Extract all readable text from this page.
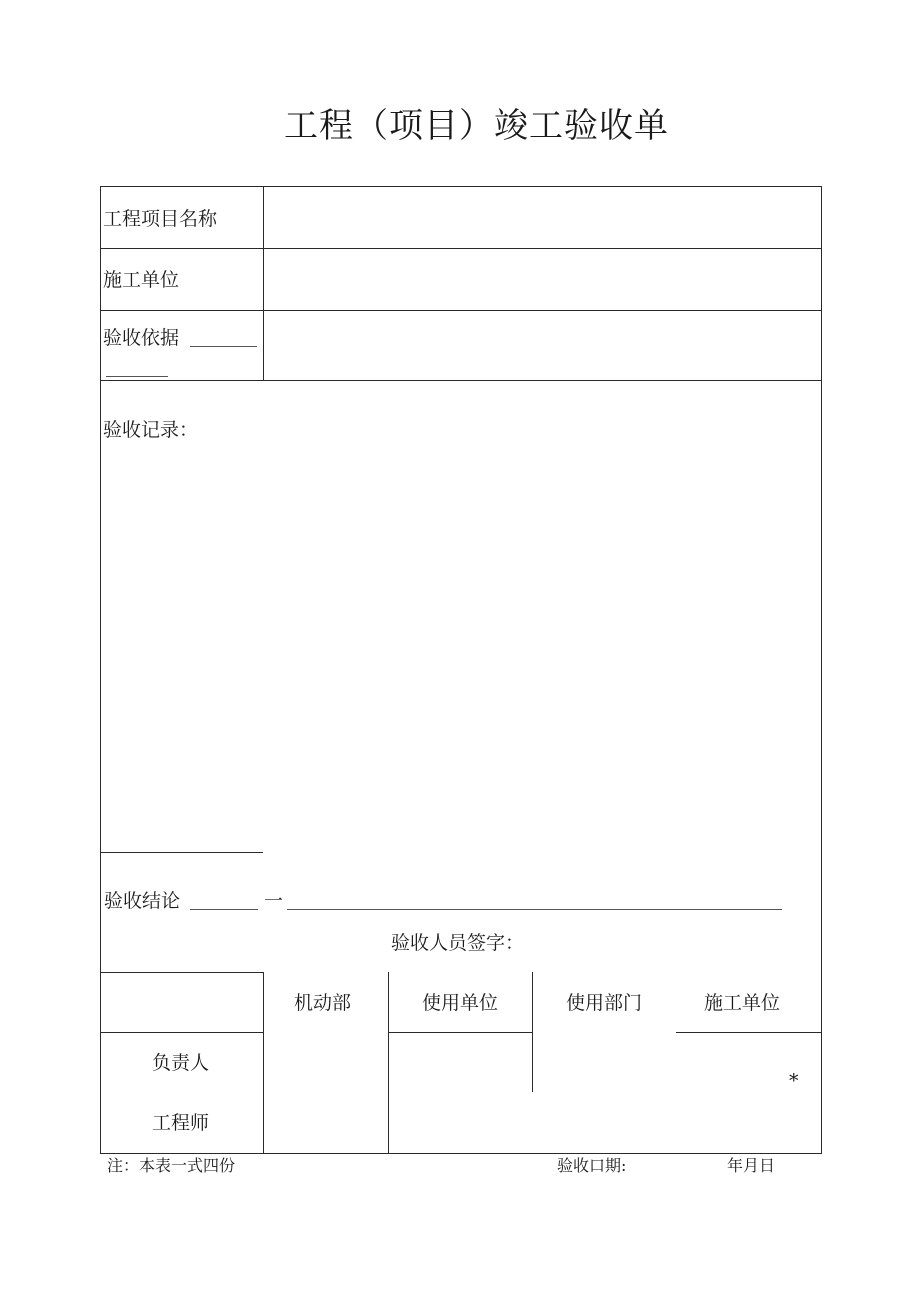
工程（项目）竣工验收单
工程项目名称
施工单位
验收依据
验收记录：
验收结论	一
验收人员签字：
机动部	使用单位	使用部门	施工单位
负责人
工程师
*
注：本表一式四份	验收口期:	年月日
